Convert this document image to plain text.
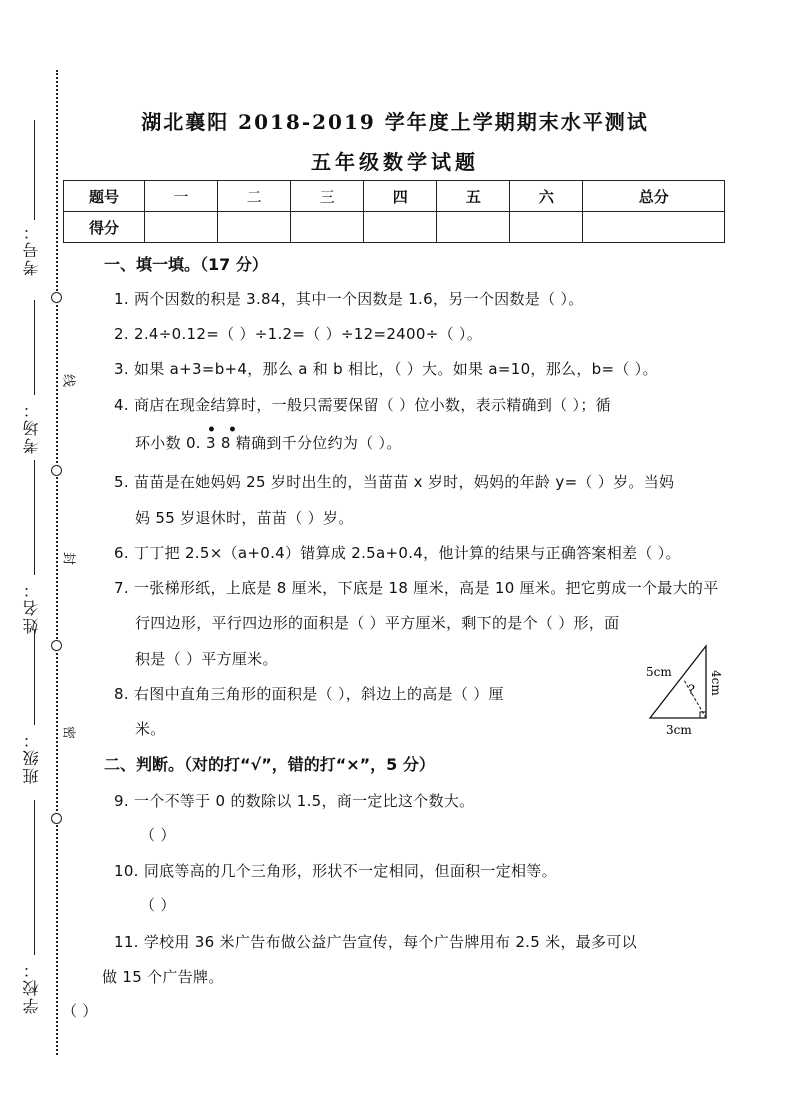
考号：
考场：
姓名：
班级：
学校：
线
封
密
湖北襄阳 2018-2019 学年度上学期期末水平测试
五年级数学试题
题号	一	二	三	四	五	六	总分
得分							
一、填一填。（17 分）
1. 两个因数的积是 3.84，其中一个因数是 1.6，另一个因数是（ ）。
2. 2.4÷0.12=（ ）÷1.2=（ ）÷12=2400÷（ ）。
3. 如果 a+3=b+4，那么 a 和 b 相比，（ ）大。如果 a=10，那么，b=（ ）。
4. 商店在现金结算时，一般只需要保留（ ）位小数，表示精确到（ ）；循
••
环小数 0. 3 8 精确到千分位约为（ ）。
5. 苗苗是在她妈妈 25 岁时出生的，当苗苗 x 岁时，妈妈的年龄 y=（ ）岁。当妈
妈 55 岁退休时，苗苗（ ）岁。
6. 丁丁把 2.5×（a+0.4）错算成 2.5a+0.4，他计算的结果与正确答案相差（ ）。
7. 一张梯形纸，上底是 8 厘米，下底是 18 厘米，高是 10 厘米。把它剪成一个最大的平
行四边形，平行四边形的面积是（ ）平方厘米，剩下的是个（ ）形，面
积是（ ）平方厘米。
8. 右图中直角三角形的面积是（ ），斜边上的高是（ ）厘
米。
5cm
?
3cm
4cm
二、判断。（对的打“√”，错的打“×”，5 分）
9. 一个不等于 0 的数除以 1.5，商一定比这个数大。
（ ）
10. 同底等高的几个三角形，形状不一定相同，但面积一定相等。
（ ）
11. 学校用 36 米广告布做公益广告宣传，每个广告牌用布 2.5 米，最多可以
做 15 个广告牌。
（ ）
